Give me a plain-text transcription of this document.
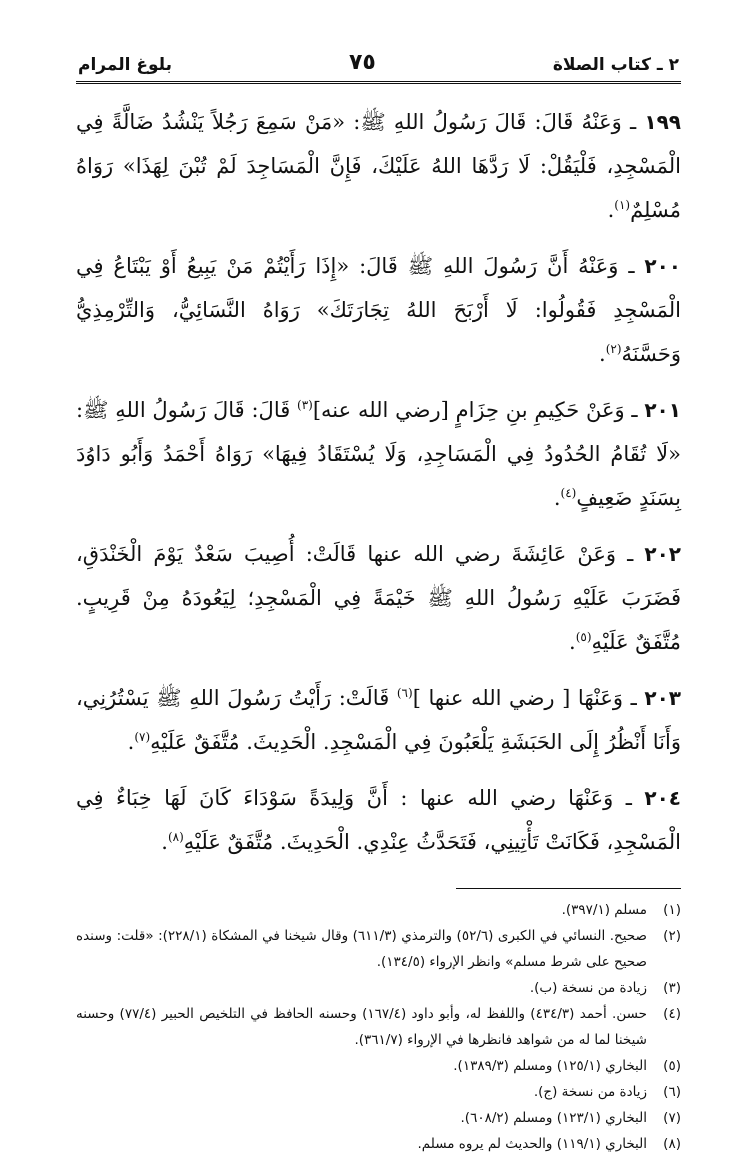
٢ ـ كتاب الصلاة
٧٥
بلوغ المرام

١٩٩ ـ وَعَنْهُ قَالَ: قَالَ رَسُولُ اللهِ ﷺ: «مَنْ سَمِعَ رَجُلاً يَنْشُدُ ضَالَّةً فِي الْمَسْجِدِ، فَلْيَقُلْ: لَا رَدَّهَا اللهُ عَلَيْكَ، فَإِنَّ الْمَسَاجِدَ لَمْ تُبْنَ لِهَذَا» رَوَاهُ مُسْلِمٌ$^{(١)}$.

٢٠٠ ـ وَعَنْهُ أَنَّ رَسُولَ اللهِ ﷺ قَالَ: «إِذَا رَأَيْتُمْ مَنْ يَبِيعُ أَوْ يَبْتَاعُ فِي الْمَسْجِدِ فَقُولُوا: لَا أَرْبَحَ اللهُ تِجَارَتَكَ» رَوَاهُ النَّسَائِيُّ، وَالتِّرْمِذِيُّ وَحَسَّنَهُ$^{(٢)}$.

٢٠١ ـ وَعَنْ حَكِيمِ بنِ حِزَامٍ [رضي الله عنه]$^{(٣)}$ قَالَ: قَالَ رَسُولُ اللهِ ﷺ: «لَا تُقَامُ الحُدُودُ فِي الْمَسَاجِدِ، وَلَا يُسْتَقَادُ فِيهَا» رَوَاهُ أَحْمَدُ وَأَبُو دَاوُدَ بِسَنَدٍ ضَعِيفٍ$^{(٤)}$.

٢٠٢ ـ وَعَنْ عَائِشَةَ رضي الله عنها قَالَتْ: أُصِيبَ سَعْدٌ يَوْمَ الْخَنْدَقِ، فَضَرَبَ عَلَيْهِ رَسُولُ اللهِ ﷺ خَيْمَةً فِي الْمَسْجِدِ؛ لِيَعُودَهُ مِنْ قَرِيبٍ. مُتَّفَقٌ عَلَيْهِ$^{(٥)}$.

٢٠٣ ـ وَعَنْهَا [ رضي الله عنها ]$^{(٦)}$ قَالَتْ: رَأَيْتُ رَسُولَ اللهِ ﷺ يَسْتُرُنِي، وَأَنَا أَنْظُرُ إِلَى الحَبَشَةِ يَلْعَبُونَ فِي الْمَسْجِدِ. الْحَدِيثَ. مُتَّفَقٌ عَلَيْهِ$^{(٧)}$.

٢٠٤ ـ وَعَنْهَا رضي الله عنها : أَنَّ وَلِيدَةً سَوْدَاءَ كَانَ لَهَا خِبَاءٌ فِي الْمَسْجِدِ، فَكَانَتْ تَأْتِينِي، فَتَحَدَّثُ عِنْدِي. الْحَدِيثَ. مُتَّفَقٌ عَلَيْهِ$^{(٨)}$.

(١)
مسلم (٣٩٧/١).
(٢)
صحيح. النسائي في الكبرى (٥٢/٦) والترمذي (٦١١/٣) وقال شيخنا في المشكاة (٢٢٨/١): «قلت: وسنده صحيح على شرط مسلم» وانظر الإرواء (١٣٤/٥).
(٣)
زيادة من نسخة (ب).
(٤)
حسن. أحمد (٤٣٤/٣) واللفظ له، وأبو داود (١٦٧/٤) وحسنه الحافظ في التلخيص الحبير (٧٧/٤) وحسنه شيخنا لما له من شواهد فانظرها في الإرواء (٣٦١/٧).
(٥)
البخاري (١٢٥/١) ومسلم (١٣٨٩/٣).
(٦)
زيادة من نسخة (ج).
(٧)
البخاري (١٢٣/١) ومسلم (٦٠٨/٢).
(٨)
البخاري (١١٩/١) والحديث لم يروه مسلم.
